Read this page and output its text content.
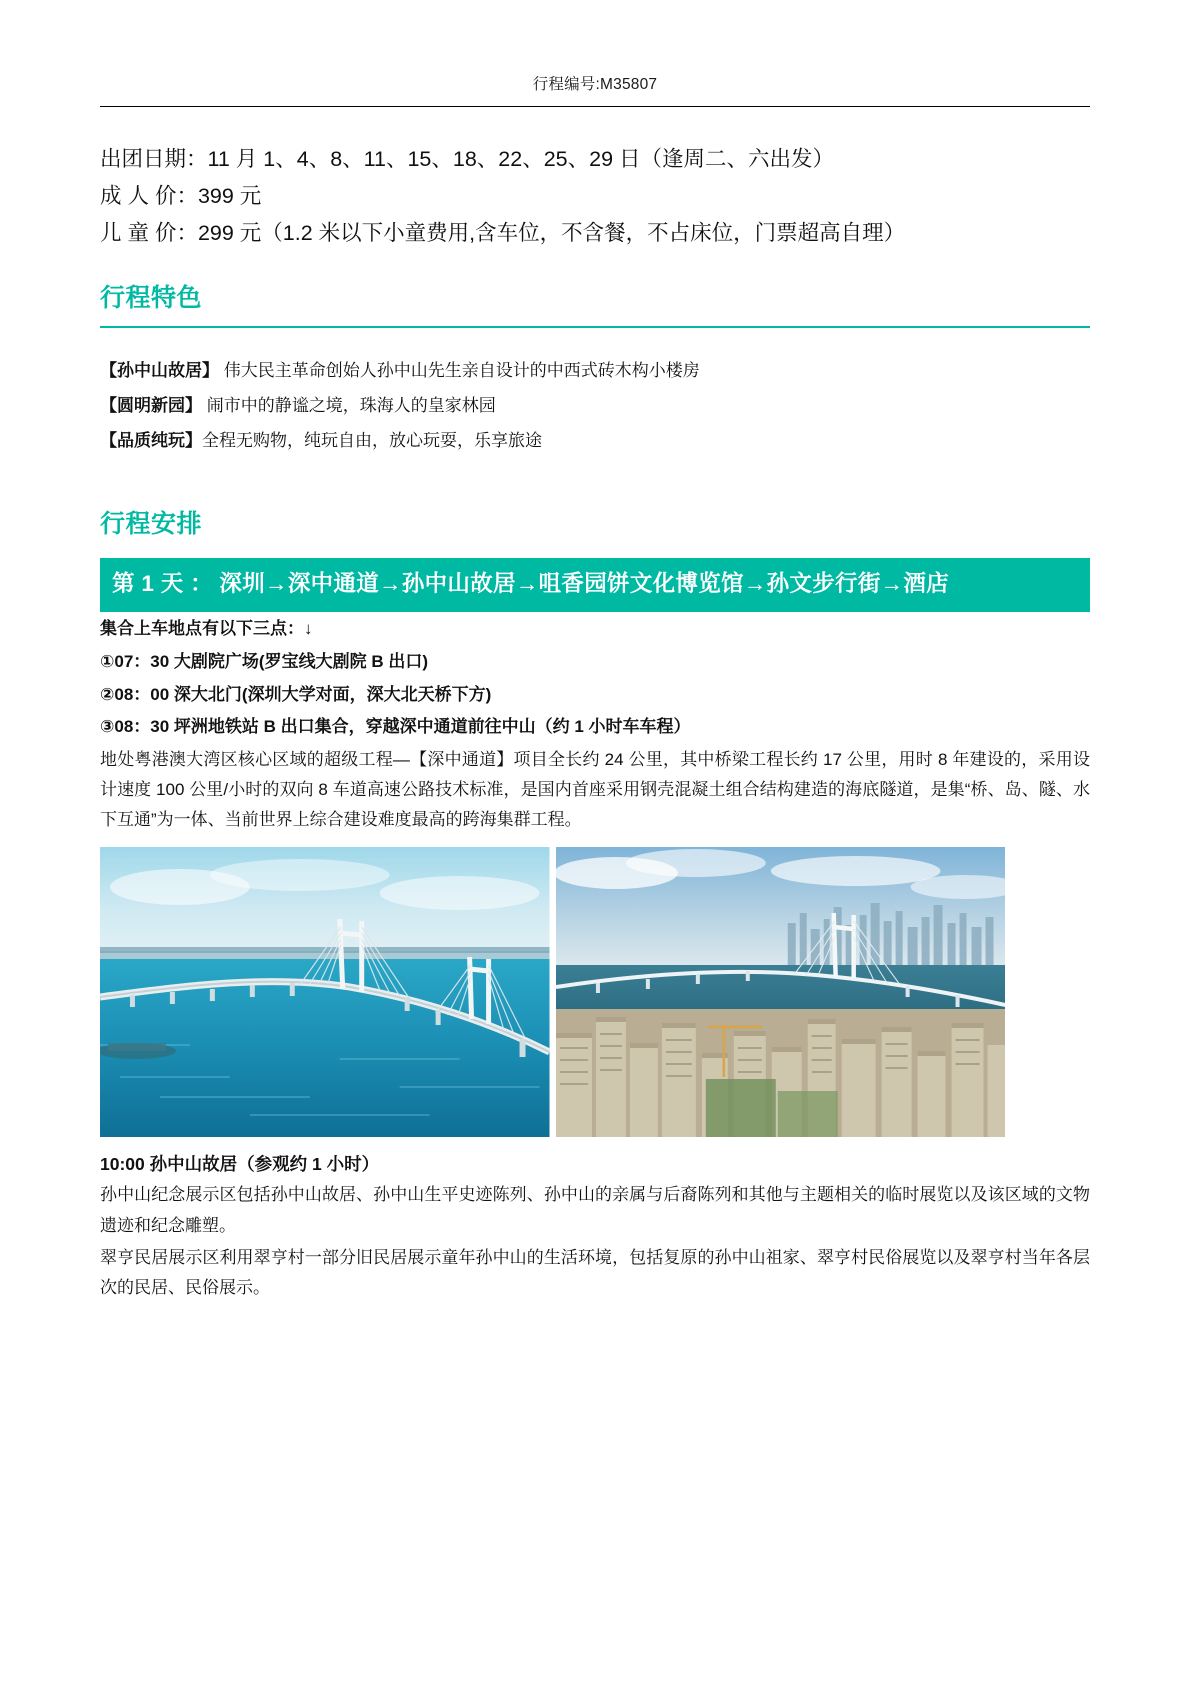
行程编号:M35807
出团日期：11 月 1、4、8、11、15、18、22、25、29 日（逢周二、六出发）
成 人 价：399 元
儿 童 价：299 元（1.2 米以下小童费用,含车位，不含餐，不占床位，门票超高自理）
行程特色
【孙中山故居】 伟大民主革命创始人孙中山先生亲自设计的中西式砖木构小楼房
【圆明新园】 闹市中的静谧之境，珠海人的皇家林园
【品质纯玩】全程无购物，纯玩自由，放心玩耍，乐享旅途
行程安排
第 1 天 ： 深圳→深中通道→孙中山故居→咀香园饼文化博览馆→孙文步行街→酒店
集合上车地点有以下三点：↓
①07：30 大剧院广场(罗宝线大剧院 B 出口)
②08：00 深大北门(深圳大学对面，深大北天桥下方)
③08：30 坪洲地铁站 B 出口集合，穿越深中通道前往中山（约 1 小时车车程）
地处粤港澳大湾区核心区域的超级工程—【深中通道】项目全长约 24 公里，其中桥梁工程长约 17 公里，用时 8 年建设的，采用设计速度 100 公里/小时的双向 8 车道高速公路技术标准，是国内首座采用钢壳混凝土组合结构建造的海底隧道，是集“桥、岛、隧、水下互通”为一体、当前世界上综合建设难度最高的跨海集群工程。
10:00 孙中山故居（参观约 1 小时）
孙中山纪念展示区包括孙中山故居、孙中山生平史迹陈列、孙中山的亲属与后裔陈列和其他与主题相关的临时展览以及该区域的文物遗迹和纪念雕塑。
翠亨民居展示区利用翠亨村一部分旧民居展示童年孙中山的生活环境，包括复原的孙中山祖家、翠亨村民俗展览以及翠亨村当年各层次的民居、民俗展示。
